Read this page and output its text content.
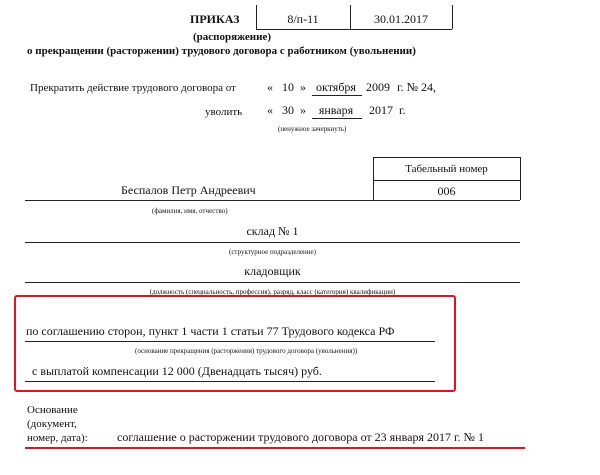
ПРИКАЗ	8/п-11	30.01.2017
(распоряжение)
о прекращении (расторжении) трудового договора с работником (увольнении)
Прекратить действие трудового договора от	« 10 » октября 2009 г. № 24,
уволить « 30 »	января	2017 г.
(ненужное зачеркнуть)
Табельный номер
006
Беспалов Петр Андреевич
(фамилия, имя, отчество)
склад № 1
(структурное подразделение)
кладовщик
(должность (специальность, профессия), разряд, класс (категория) квалификации)
по соглашению сторон, пункт 1 части 1 статьи 77 Трудового кодекса РФ
(основание прекращения (расторжения) трудового договора (увольнения))
с выплатой компенсации 12 000 (Двенадцать тысяч) руб.
Основание
(документ,
номер, дата): соглашение о расторжении трудового договора от 23 января 2017 г. № 1
